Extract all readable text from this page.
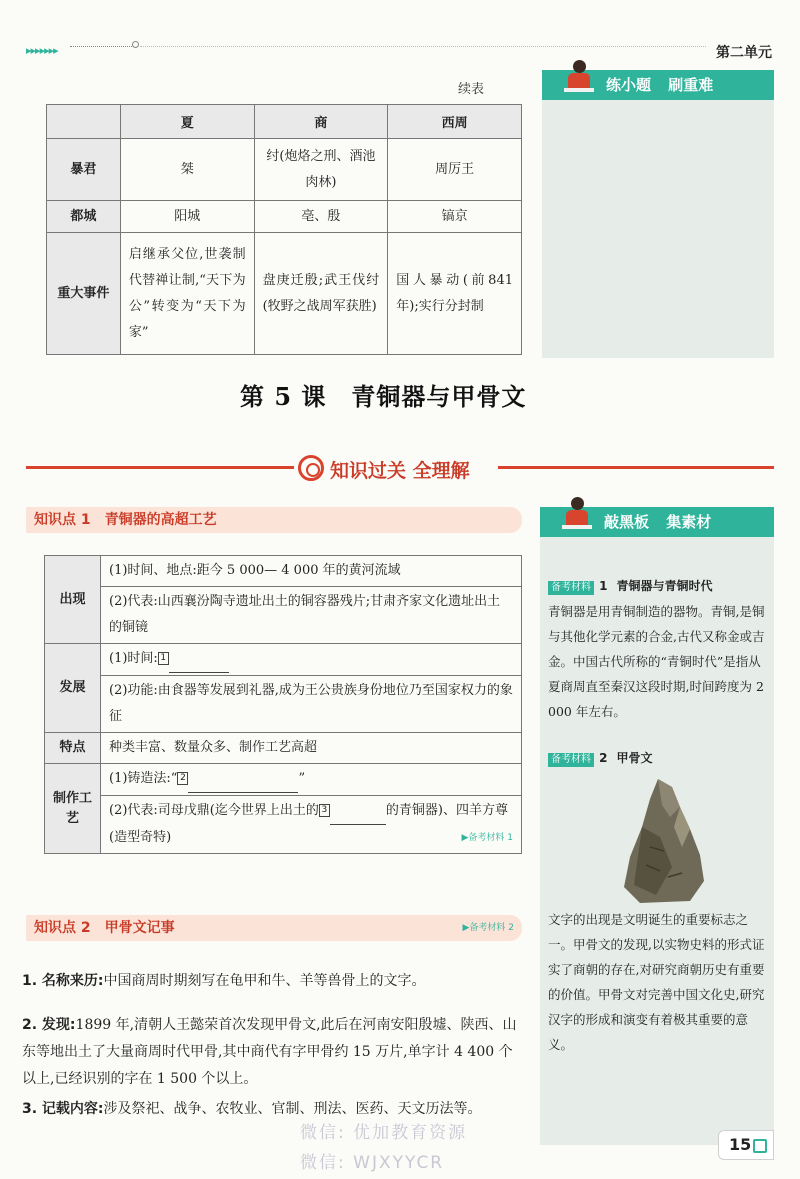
▸▸▸▸▸▸▸	第二单元
续表
	夏	商	西周
暴君	桀	纣(炮烙之刑、酒池肉林)	周厉王
都城	阳城	亳、殷	镐京
重大事件	启继承父位,世袭制代替禅让制,“天下为公”转变为“天下为家”	盘庚迁殷;武王伐纣(牧野之战周军获胜)	国人暴动(前841年);实行分封制
练小题 刷重难
第 5 课　青铜器与甲骨文
知识过关 全理解
知识点 1　青铜器的高超工艺
出现	(1)时间、地点:距今 5 000— 4 000 年的黄河流域
	(2)代表:山西襄汾陶寺遗址出土的铜容器残片;甘肃齐家文化遗址出土的铜镜
发展	(1)时间: 1
	(2)功能:由食器等发展到礼器,成为王公贵族身份地位乃至国家权力的象征
特点	种类丰富、数量众多、制作工艺高超
制作工艺	(1)铸造法:“ 2 ”
	(2)代表:司母戊鼎(迄今世界上出土的 3 的青铜器)、四羊方尊(造型奇特) ▶备考材料 1
知识点 2　甲骨文记事	▶备考材料 2
1. 名称来历:中国商周时期刻写在龟甲和牛、羊等兽骨上的文字。
2. 发现:1899 年,清朝人王懿荣首次发现甲骨文,此后在河南安阳殷墟、陕西、山东等地出土了大量商周时代甲骨,其中商代有字甲骨约 15 万片,单字计 4 400 个以上,已经识别的字在 1 500 个以上。
3. 记载内容:涉及祭祀、战争、农牧业、官制、刑法、医药、天文历法等。
敲黑板 集素材
备考材料 1 青铜器与青铜时代
青铜器是用青铜制造的器物。青铜,是铜与其他化学元素的合金,古代又称金或吉金。中国古代所称的“青铜时代”是指从夏商周直至秦汉这段时期,时间跨度为 2 000 年左右。
备考材料 2 甲骨文
文字的出现是文明诞生的重要标志之一。甲骨文的发现,以实物史料的形式证实了商朝的存在,对研究商朝历史有重要的价值。甲骨文对完善中国文化史,研究汉字的形成和演变有着极其重要的意义。
微信: 优加教育资源
微信: WJXYYCR
15
